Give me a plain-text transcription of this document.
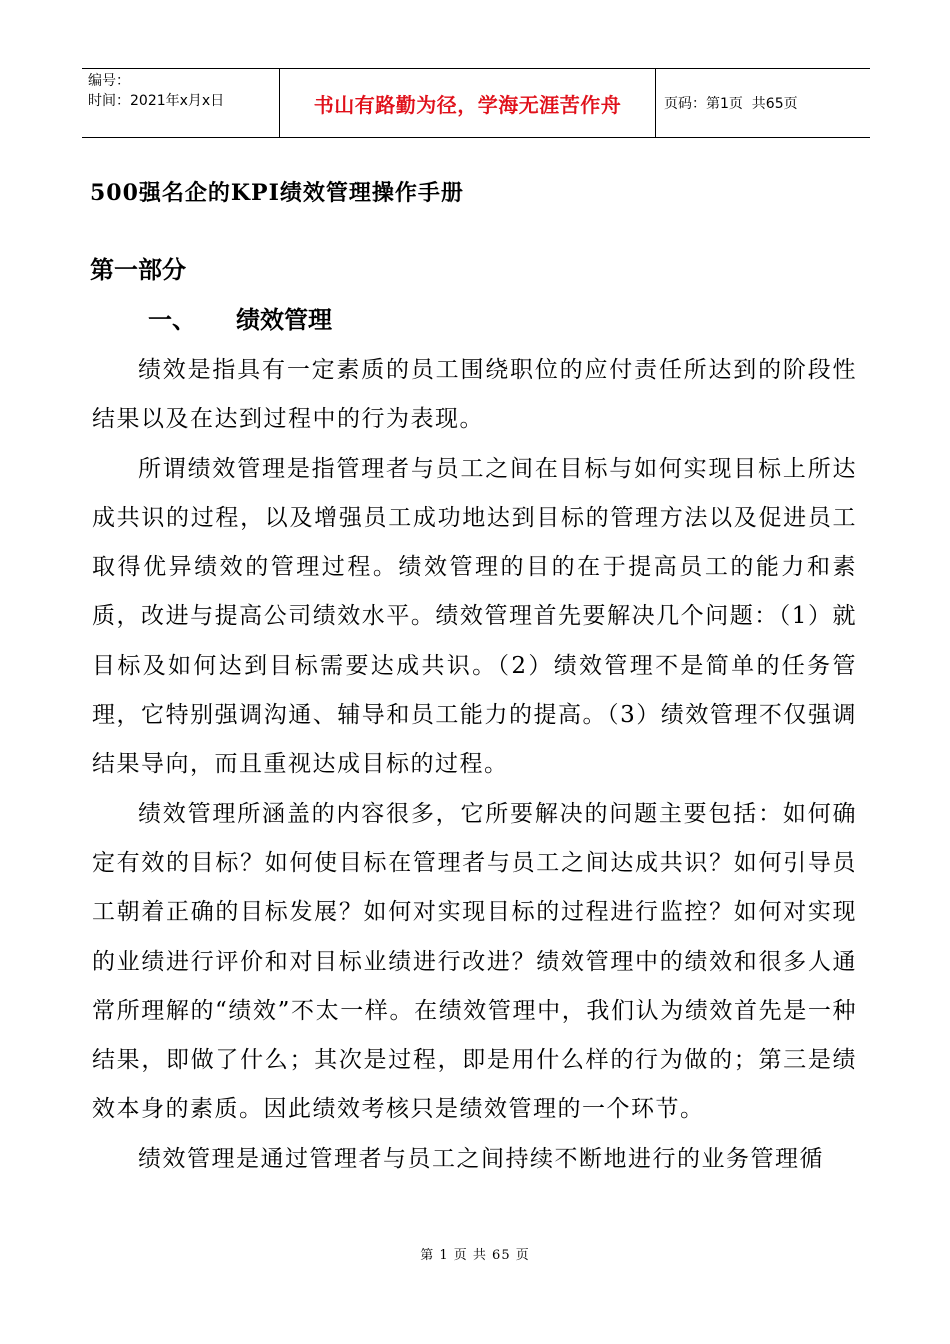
编号：
时间：2021年x月x日	书山有路勤为径，学海无涯苦作舟	页码：第1页  共65页
500强名企的KPI绩效管理操作手册
第一部分
一、 绩效管理

绩效是指具有一定素质的员工围绕职位的应付责任所达到的阶段性结果以及在达到过程中的行为表现。

所谓绩效管理是指管理者与员工之间在目标与如何实现目标上所达成共识的过程，以及增强员工成功地达到目标的管理方法以及促进员工取得优异绩效的管理过程。绩效管理的目的在于提高员工的能力和素质，改进与提高公司绩效水平。绩效管理首先要解决几个问题：（1）就目标及如何达到目标需要达成共识。（2）绩效管理不是简单的任务管理，它特别强调沟通、辅导和员工能力的提高。（3）绩效管理不仅强调结果导向，而且重视达成目标的过程。

绩效管理所涵盖的内容很多，它所要解决的问题主要包括：如何确定有效的目标？如何使目标在管理者与员工之间达成共识？如何引导员工朝着正确的目标发展？如何对实现目标的过程进行监控？如何对实现的业绩进行评价和对目标业绩进行改进？绩效管理中的绩效和很多人通常所理解的“绩效”不太一样。在绩效管理中，我们认为绩效首先是一种结果，即做了什么；其次是过程，即是用什么样的行为做的；第三是绩效本身的素质。因此绩效考核只是绩效管理的一个环节。

绩效管理是通过管理者与员工之间持续不断地进行的业务管理循

第 1 页 共 65 页
